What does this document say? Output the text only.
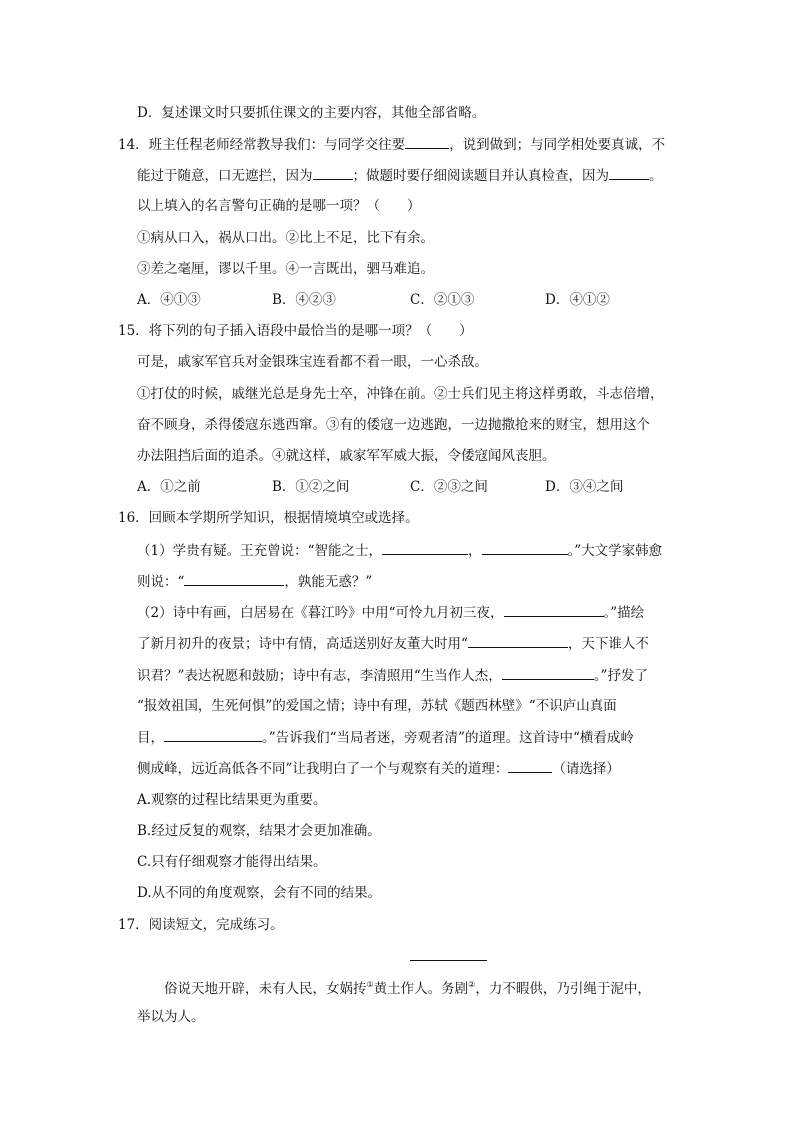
D．复述课文时只要抓住课文的主要内容，其他全部省略。
14．班主任程老师经常教导我们：与同学交往要	，说到做到；与同学相处要真诚，不
能过于随意，口无遮拦，因为	；做题时要仔细阅读题目并认真检查，因为	。
以上填入的名言警句正确的是哪一项？（　　）
①病从口入，祸从口出。②比上不足，比下有余。
③差之毫厘，谬以千里。④一言既出，驷马难追。
A．④①③	B．④②③	C．②①③	D．④①②
15．将下列的句子插入语段中最恰当的是哪一项？（　　）
可是，戚家军官兵对金银珠宝连看都不看一眼，一心杀敌。
①打仗的时候，戚继光总是身先士卒，冲锋在前。②士兵们见主将这样勇敢，斗志倍增，
奋不顾身，杀得倭寇东逃西窜。③有的倭寇一边逃跑，一边抛撒抢来的财宝，想用这个
办法阻挡后面的追杀。④就这样，戚家军军威大振，令倭寇闻风丧胆。
A．①之前	B．①②之间	C．②③之间	D．③④之间
16．回顾本学期所学知识，根据情境填空或选择。
（1）学贵有疑。王充曾说：“智能之士，	，	。”大文学家韩愈
则说：“	，孰能无惑？”
（2）诗中有画，白居易在《暮江吟》中用“可怜九月初三夜，	。”描绘
了新月初升的夜景；诗中有情，高适送别好友董大时用“	，天下谁人不
识君？”表达祝愿和鼓励；诗中有志，李清照用“生当作人杰，	。”抒发了
“报效祖国，生死何惧”的爱国之情；诗中有理，苏轼《题西林壁》“不识庐山真面
目，	。”告诉我们“当局者迷，旁观者清”的道理。这首诗中“横看成岭
侧成峰，远近高低各不同”让我明白了一个与观察有关的道理：	（请选择）
A.观察的过程比结果更为重要。
B.经过反复的观察，结果才会更加准确。
C.只有仔细观察才能得出结果。
D.从不同的角度观察，会有不同的结果。
17．阅读短文，完成练习。
俗说天地开辟，未有人民，女娲抟①黄土作人。务剧②，力不暇供，乃引绳于泥中，
举以为人。
